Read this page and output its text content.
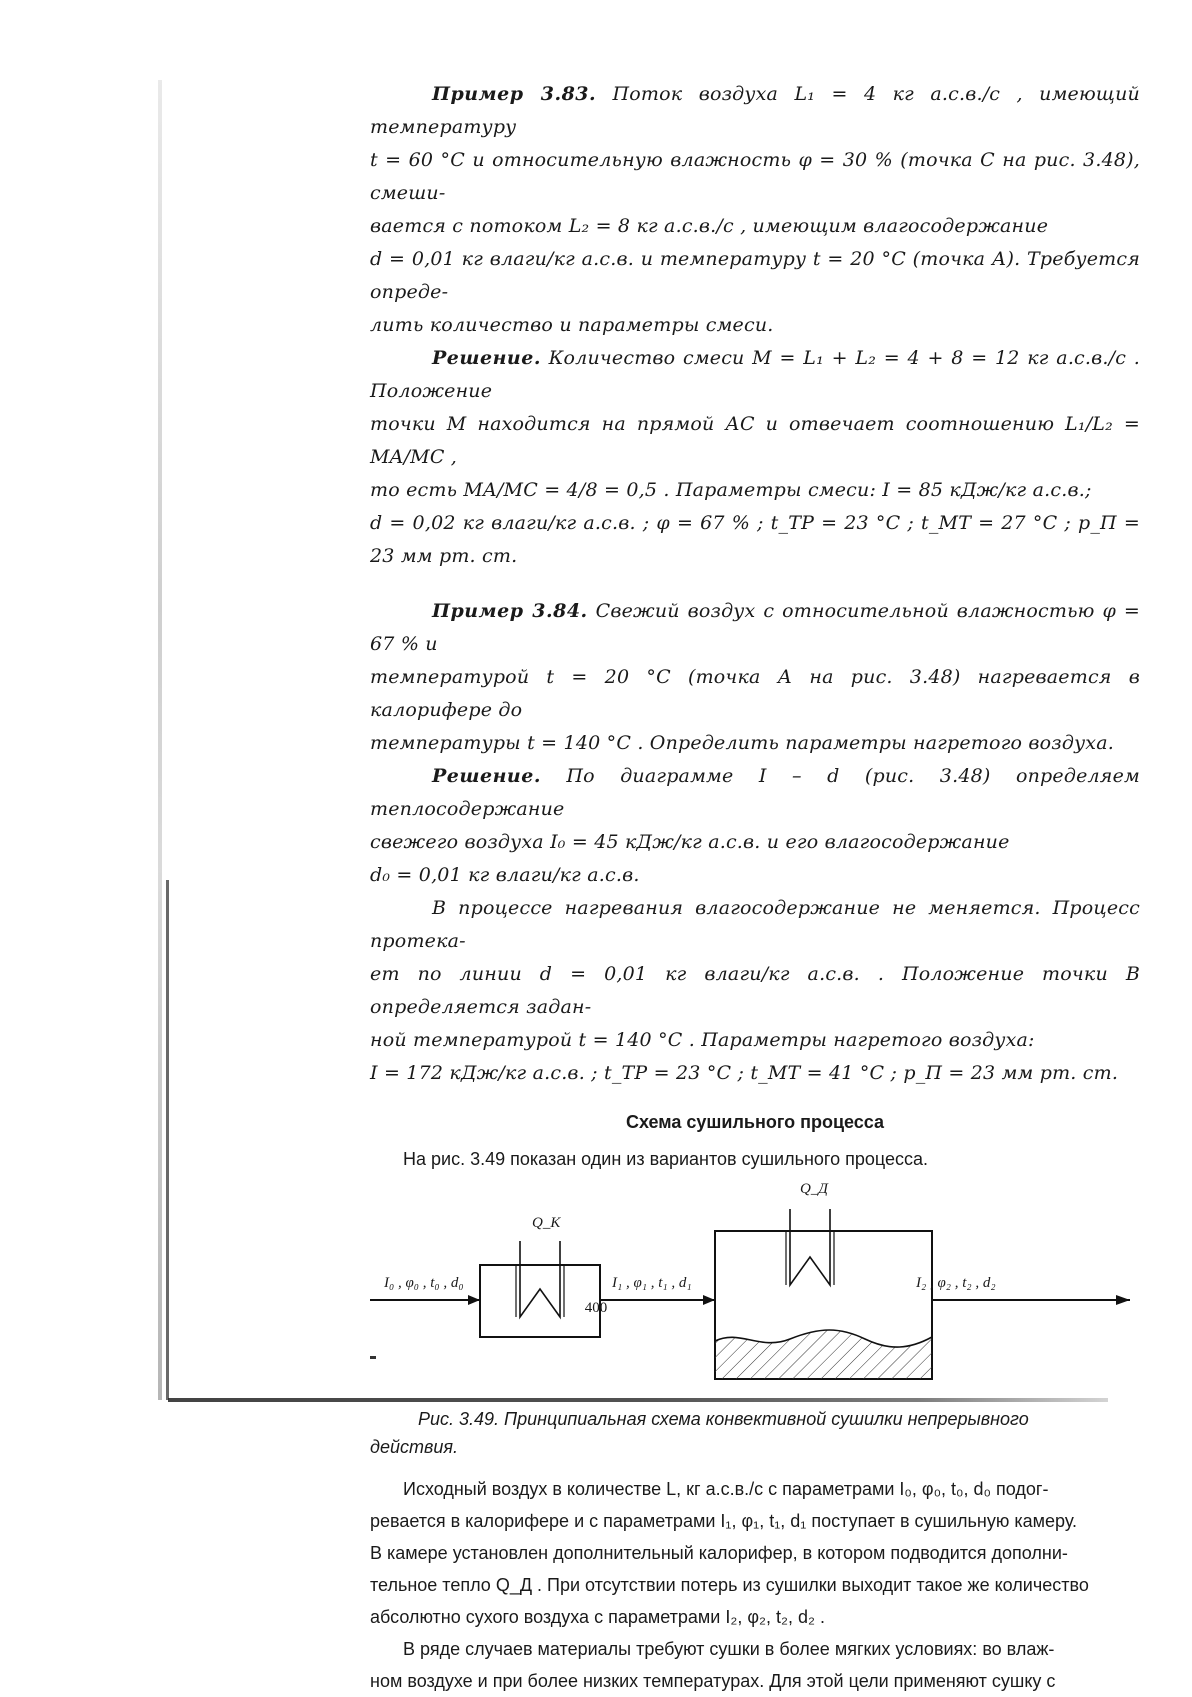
Пример 3.83. Поток воздуха L₁ = 4 кг а.с.в./с , имеющий температуру

t = 60 °C и относительную влажность φ = 30 % (точка С на рис. 3.48), смеши-

вается с потоком L₂ = 8 кг а.с.в./с , имеющим влагосодержание

d = 0,01 кг влаги/кг а.с.в. и температуру t = 20 °C (точка А). Требуется опреде-

лить количество и параметры смеси.

Решение. Количество смеси M = L₁ + L₂ = 4 + 8 = 12 кг а.с.в./с . Положение

точки М находится на прямой АС и отвечает соотношению L₁/L₂ = MA/MC ,

то есть MA/MC = 4/8 = 0,5 . Параметры смеси: I = 85 кДж/кг а.с.в.;

d = 0,02 кг влаги/кг а.с.в. ; φ = 67 % ; t_ТР = 23 °C ; t_МТ = 27 °C ; p_П = 23 мм рт. ст.

Пример 3.84. Свежий воздух с относительной влажностью φ = 67 % и

температурой t = 20 °C (точка А на рис. 3.48) нагревается в калорифере до

температуры t = 140 °C . Определить параметры нагретого воздуха.

Решение. По диаграмме I – d (рис. 3.48) определяем теплосодержание

свежего воздуха I₀ = 45 кДж/кг а.с.в. и его влагосодержание

d₀ = 0,01 кг влаги/кг а.с.в.

В процессе нагревания влагосодержание не меняется. Процесс протека-

ет по линии d = 0,01 кг влаги/кг а.с.в. . Положение точки В определяется задан-

ной температурой t = 140 °C . Параметры нагретого воздуха:

I = 172 кДж/кг а.с.в. ; t_ТР = 23 °C ; t_МТ = 41 °C ; p_П = 23 мм рт. ст.

Схема сушильного процесса

На рис. 3.49 показан один из вариантов сушильного процесса.

Q_К
Q_Д
I₀ , φ₀ , t₀ , d₀	I₁ , φ₁ , t₁ , d₁	I₂ , φ₂ , t₂ , d₂
Рис. 3.49. Принципиальная схема конвективной сушилки непрерывного
действия.

Исходный воздух в количестве L, кг а.с.в./с с параметрами I₀, φ₀, t₀, d₀ подог-

ревается в калорифере и с параметрами I₁, φ₁, t₁, d₁ поступает в сушильную камеру.

В камере установлен дополнительный калорифер, в котором подводится дополни-

тельное тепло Q_Д . При отсутствии потерь из сушилки выходит такое же количество

абсолютно сухого воздуха с параметрами I₂, φ₂, t₂, d₂ .

В ряде случаев материалы требуют сушки в более мягких условиях: во влаж-

ном воздухе и при более низких температурах. Для этой цели применяют сушку с

400
